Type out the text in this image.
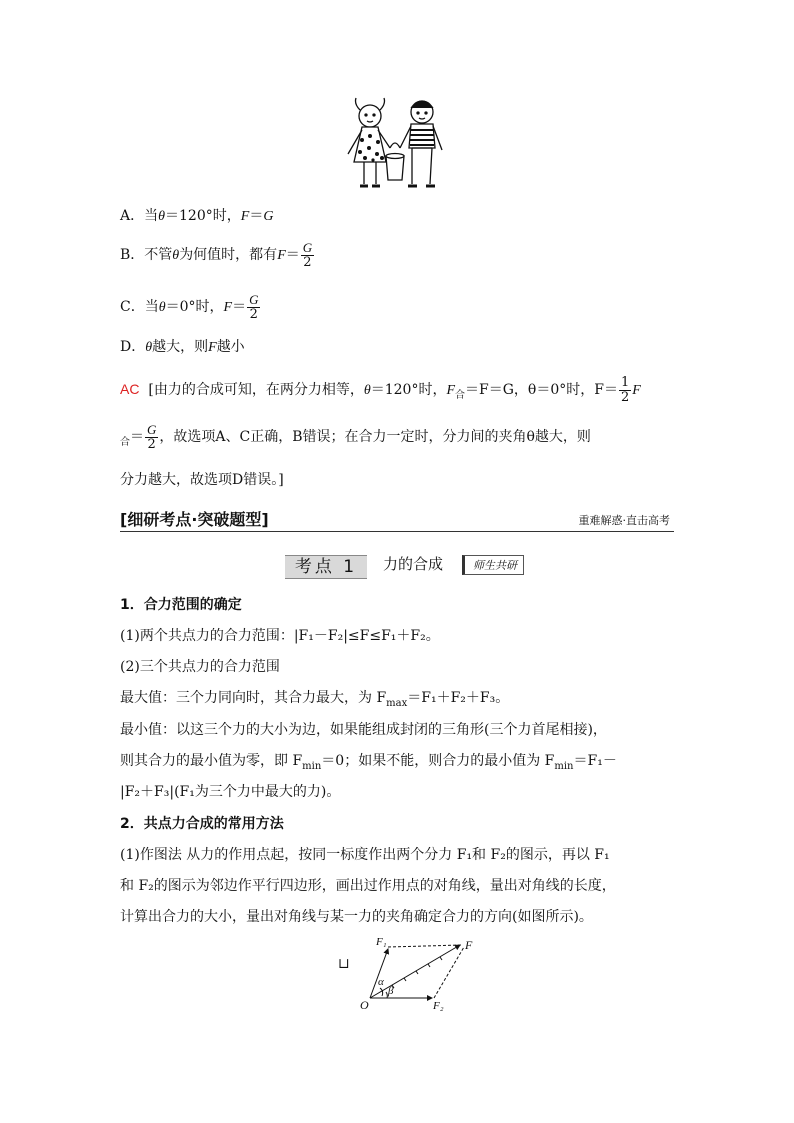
A．当θ＝120°时，F＝G
B．不管θ为何值时，都有$F= \frac{G}{2}$
C．当θ＝0°时，$F= \frac{G}{2}$
D．θ越大，则F越小
AC [由力的合成可知，在两分力相等，θ＝120°时，$F_合=F=G$，θ＝0°时，$F= \frac{1}{2}$ F
$_合= \frac{G}{2}$ ，故选项A、C正确，B错误；在合力一定时，分力间的夹角θ越大，则
分力越大，故选项D错误。]
[细研考点·突破题型]	重难解惑·直击高考
考点 1	力的合成	师生共研
1．合力范围的确定
(1)两个共点力的合力范围：|F₁－F₂|≤F≤F₁＋F₂。
(2)三个共点力的合力范围
最大值：三个力同向时，其合力最大，为 $F_{max}=F_1+F_2+F_3$。
最小值：以这三个力的大小为边，如果能组成封闭的三角形(三个力首尾相接)，
则其合力的最小值为零，即 $F_{min}=0$；如果不能，则合力的最小值为 $F_{min}=F_1-$
|F₂＋F₃|(F₁为三个力中最大的力)。
2．共点力合成的常用方法
(1)作图法 从力的作用点起，按同一标度作出两个分力 F₁和 F₂的图示，再以 F₁
和 F₂的图示为邻边作平行四边形，画出过作用点的对角线，量出对角线的长度，
计算出合力的大小，量出对角线与某一力的夹角确定合力的方向(如图所示)。
⊔
O
F₁
F₂
F
α
β
